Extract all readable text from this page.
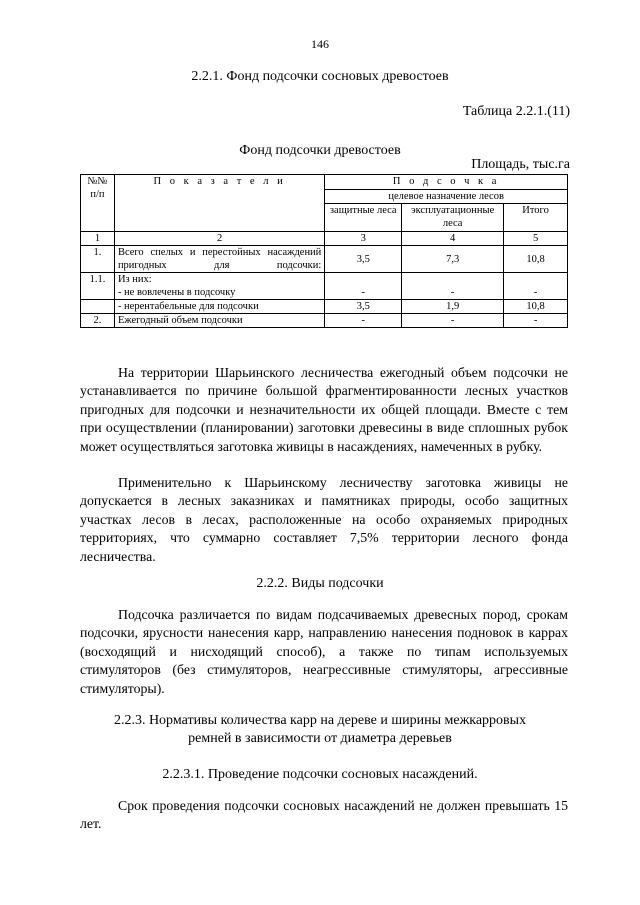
146
2.2.1. Фонд подсочки сосновых древостоев
Таблица 2.2.1.(11)
Фонд подсочки древостоев
Площадь, тыс.га
№№ п/п	П о к а з а т е л и	П о д с о ч к а		
		целевое назначение лесов		
		защитные леса	эксплуатационные леса	Итого
1	2	3	4	5
1.	Всего спелых и перестойных насаждений пригодных для подсочки:	3,5	7,3	10,8
1.1.	Из них:			
	- не вовлечены в подсочку	-	-	-
	- нерентабельные для подсочки	3,5	1,9	10,8
2.	Ежегодный объем подсочки	-	-	-

На территории Шарьинского лесничества ежегодный объем подсочки не устанавливается по причине большой фрагментированности лесных участков пригодных для подсочки и незначительности их общей площади. Вместе с тем при осуществлении (планировании) заготовки древесины в виде сплошных рубок может осуществляться заготовка живицы в насаждениях, намеченных в рубку.

Применительно к Шарьинскому лесничеству заготовка живицы не допускается в лесных заказниках и памятниках природы, особо защитных участках лесов в лесах, расположенные на особо охраняемых природных территориях, что суммарно составляет 7,5% территории лесного фонда лесничества.

2.2.2. Виды подсочки

Подсочка различается по видам подсачиваемых древесных пород, срокам подсочки, ярусности нанесения карр, направлению нанесения подновок в каррах (восходящий и нисходящий способ), а также по типам используемых стимуляторов (без стимуляторов, неагрессивные стимуляторы, агрессивные стимуляторы).

2.2.3. Нормативы количества карр на дереве и ширины межкарровых
ремней в зависимости от диаметра деревьев
2.2.3.1. Проведение подсочки сосновых насаждений.

Срок проведения подсочки сосновых насаждений не должен превышать 15 лет.
